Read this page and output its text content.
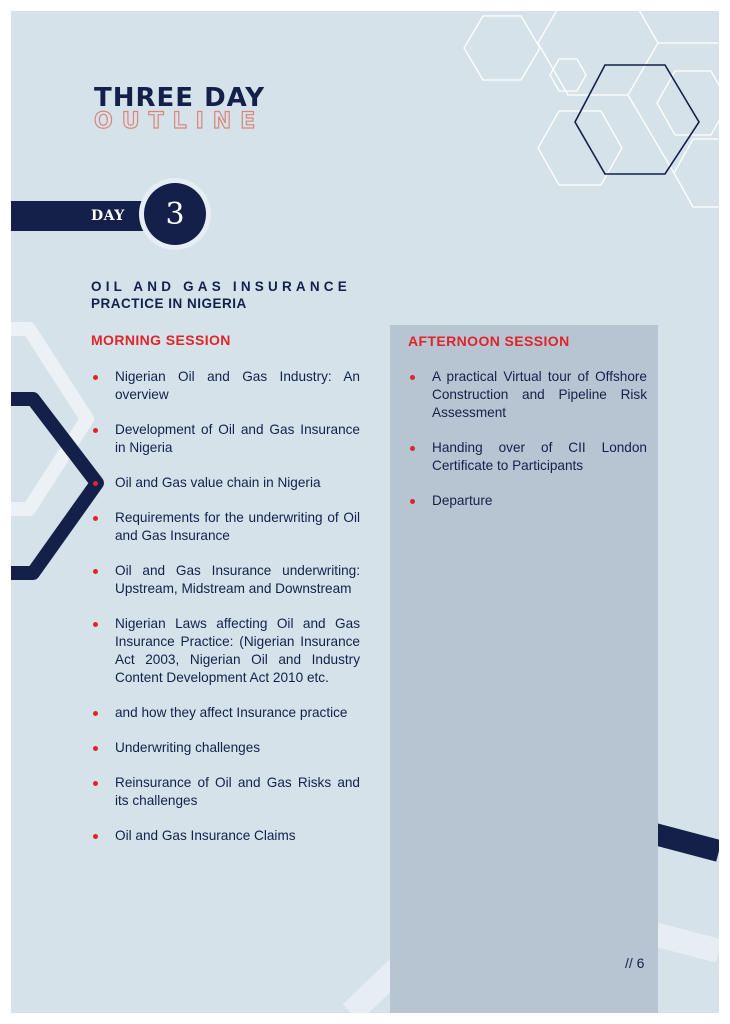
THREE DAY
OUTLINE
DAY	3
OIL AND GAS INSURANCE
PRACTICE IN NIGERIA
MORNING SESSION
Nigerian Oil and Gas Industry: An overview
Development of Oil and Gas Insurance in Nigeria
Oil and Gas value chain in Nigeria
Requirements for the underwriting of Oil and Gas Insurance
Oil and Gas Insurance underwriting: Upstream, Midstream and Downstream
Nigerian Laws affecting Oil and Gas Insurance Practice: (Nigerian Insurance Act 2003, Nigerian Oil and Industry Content Development Act 2010 etc.
and how they affect Insurance practice
Underwriting challenges
Reinsurance of Oil and Gas Risks and its challenges
Oil and Gas Insurance Claims
AFTERNOON SESSION
A practical Virtual tour of Offshore Construction and Pipeline Risk Assessment
Handing over of CII London Certificate to Participants
Departure
// 6
